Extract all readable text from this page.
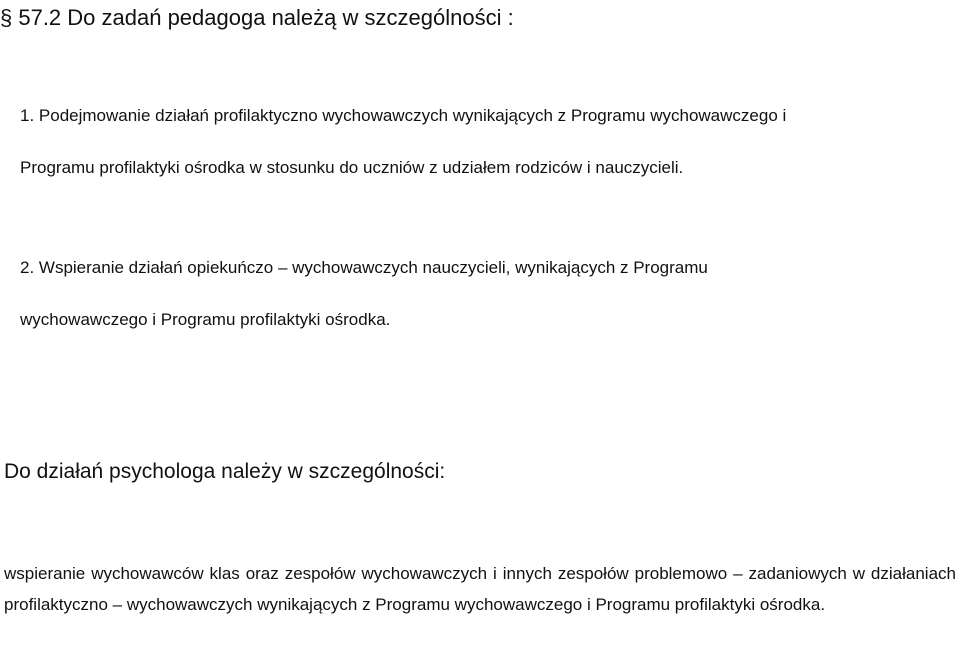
§ 57.2 Do zadań pedagoga należą w szczególności :
1. Podejmowanie działań profilaktyczno wychowawczych wynikających z Programu wychowawczego i Programu profilaktyki ośrodka w stosunku do uczniów z udziałem rodziców i nauczycieli.
2. Wspieranie działań opiekuńczo – wychowawczych nauczycieli, wynikających z Programu wychowawczego i Programu profilaktyki ośrodka.
Do działań psychologa należy w szczególności:
wspieranie wychowawców klas oraz zespołów wychowawczych i innych zespołów problemowo – zadaniowych w działaniach profilaktyczno – wychowawczych wynikających z Programu wychowawczego i Programu profilaktyki ośrodka.
